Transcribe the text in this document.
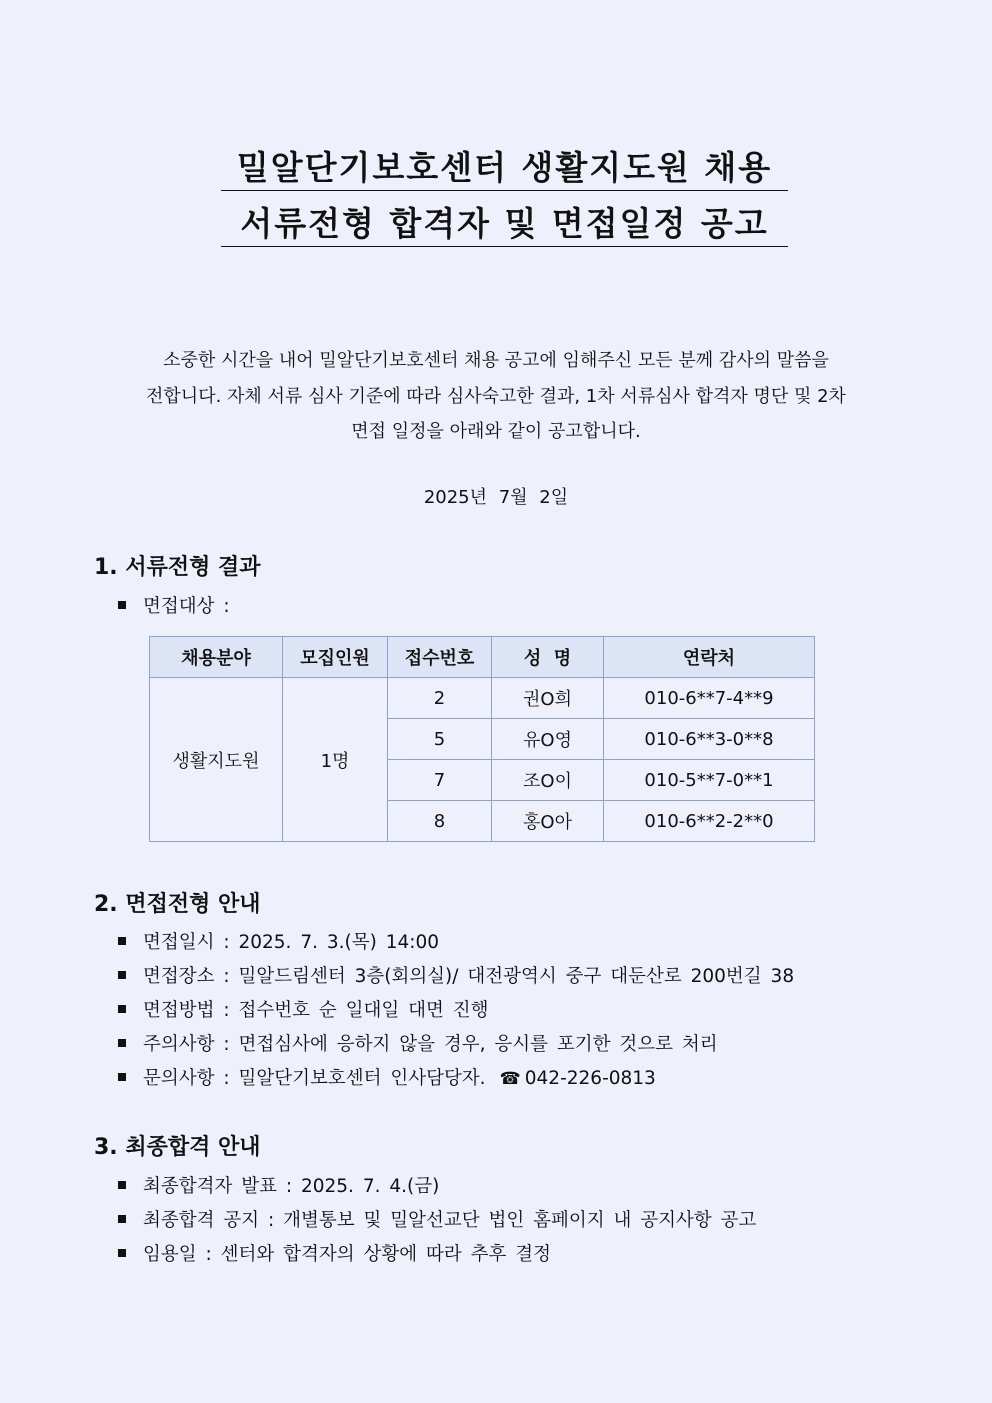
밀알단기보호센터 생활지도원 채용
서류전형 합격자 및 면접일정 공고
소중한 시간을 내어 밀알단기보호센터 채용 공고에 임해주신 모든 분께 감사의 말씀을
전합니다. 자체 서류 심사 기준에 따라 심사숙고한 결과, 1차 서류심사 합격자 명단 및 2차
면접 일정을 아래와 같이 공고합니다.
2025년 7월 2일
1. 서류전형 결과
면접대상 :
채용분야	모집인원	접수번호	성  명	연락처
생활지도원	1명	2	권O희	010-6**7-4**9
		5	유O영	010-6**3-0**8
		7	조O이	010-5**7-0**1
		8	홍O아	010-6**2-2**0
2. 면접전형 안내
면접일시 : 2025. 7. 3.(목) 14:00
면접장소 : 밀알드림센터 3층(회의실)/ 대전광역시 중구 대둔산로 200번길 38
면접방법 : 접수번호 순 일대일 대면 진행
주의사항 : 면접심사에 응하지 않을 경우, 응시를 포기한 것으로 처리
문의사항 : 밀알단기보호센터 인사담당자. ☎ 042-226-0813
3. 최종합격 안내
최종합격자 발표 : 2025. 7. 4.(금)
최종합격 공지 : 개별통보 및 밀알선교단 법인 홈페이지 내 공지사항 공고
임용일 : 센터와 합격자의 상황에 따라 추후 결정
